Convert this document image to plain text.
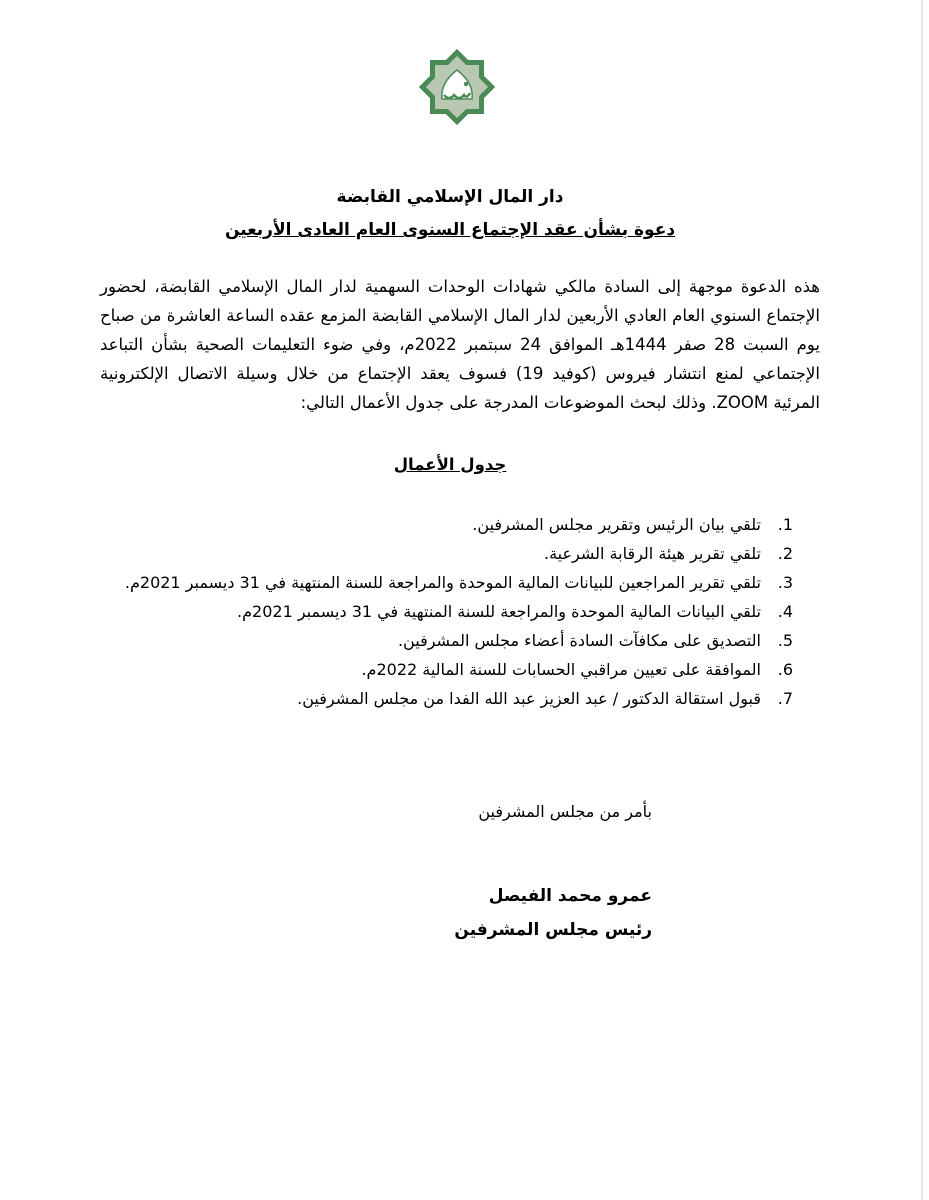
دار المال الإسلامي القابضة
دعوة بشأن عقد الإجتماع السنوى العام العادى الأربعين

هذه الدعوة موجهة إلى السادة مالكي شهادات الوحدات السهمية لدار المال الإسلامي القابضة، لحضور الإجتماع السنوي العام العادي الأربعين لدار المال الإسلامي القابضة المزمع عقده الساعة العاشرة من صباح يوم السبت 28 صفر 1444هـ الموافق 24 سبتمبر 2022م، وفي ضوء التعليمات الصحية بشأن التباعد الإجتماعي لمنع انتشار فيروس (كوفيد 19) فسوف يعقد الإجتماع من خلال وسيلة الاتصال الإلكترونية المرئية ZOOM. وذلك لبحث الموضوعات المدرجة على جدول الأعمال التالي:

جدول الأعمال
1.تلقي بيان الرئيس وتقرير مجلس المشرفين.
2.تلقي تقرير هيئة الرقابة الشرعية.
3.تلقي تقرير المراجعين للبيانات المالية الموحدة والمراجعة للسنة المنتهية في 31 ديسمبر 2021م.
4.تلقي البيانات المالية الموحدة والمراجعة للسنة المنتهية في 31 ديسمبر 2021م.
5.التصديق على مكافآت السادة أعضاء مجلس المشرفين.
6.الموافقة على تعيين مراقبي الحسابات للسنة المالية 2022م.
7.قبول استقالة الدكتور / عبد العزيز عبد الله الفدا من مجلس المشرفين.
بأمر من مجلس المشرفين
عمرو محمد الفيصل
رئيس مجلس المشرفين
